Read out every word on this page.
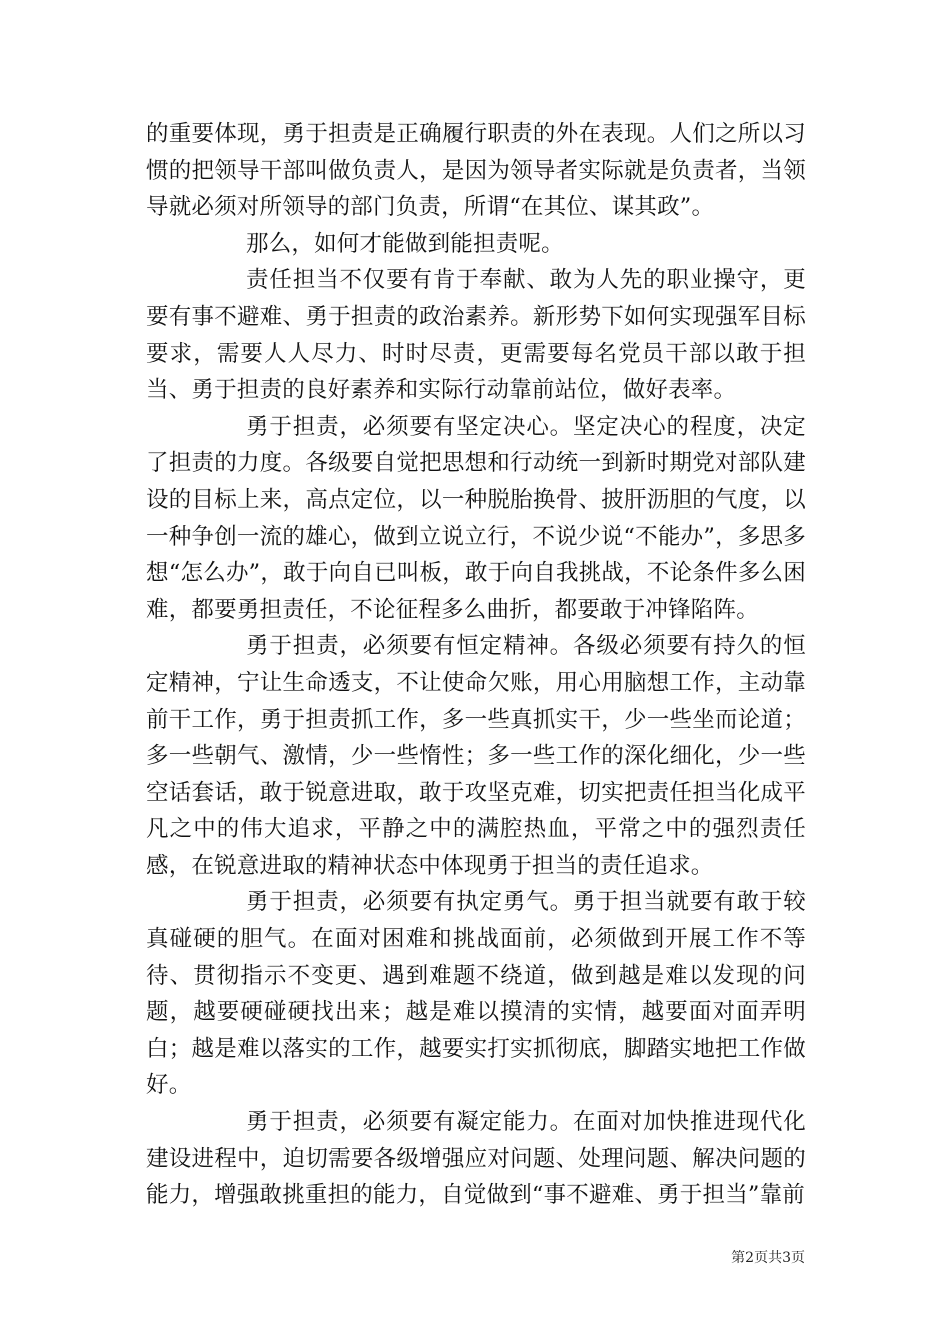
的重要体现，勇于担责是正确履行职责的外在表现。人们之所以习惯的把领导干部叫做负责人，是因为领导者实际就是负责者，当领导就必须对所领导的部门负责，所谓“在其位、谋其政”。

那么，如何才能做到能担责呢。

责任担当不仅要有肯于奉献、敢为人先的职业操守，更要有事不避难、勇于担责的政治素养。新形势下如何实现强军目标要求，需要人人尽力、时时尽责，更需要每名党员干部以敢于担当、勇于担责的良好素养和实际行动靠前站位，做好表率。

勇于担责，必须要有坚定决心。坚定决心的程度，决定了担责的力度。各级要自觉把思想和行动统一到新时期党对部队建设的目标上来，高点定位，以一种脱胎换骨、披肝沥胆的气度，以一种争创一流的雄心，做到立说立行，不说少说“不能办”，多思多想“怎么办”，敢于向自已叫板，敢于向自我挑战，不论条件多么困难，都要勇担责任，不论征程多么曲折，都要敢于冲锋陷阵。

勇于担责，必须要有恒定精神。各级必须要有持久的恒定精神，宁让生命透支，不让使命欠账，用心用脑想工作，主动靠前干工作，勇于担责抓工作，多一些真抓实干，少一些坐而论道；多一些朝气、激情，少一些惰性；多一些工作的深化细化，少一些空话套话，敢于锐意进取，敢于攻坚克难，切实把责任担当化成平凡之中的伟大追求，平静之中的满腔热血，平常之中的强烈责任感，在锐意进取的精神状态中体现勇于担当的责任追求。

勇于担责，必须要有执定勇气。勇于担当就要有敢于较真碰硬的胆气。在面对困难和挑战面前，必须做到开展工作不等待、贯彻指示不变更、遇到难题不绕道，做到越是难以发现的问题，越要硬碰硬找出来；越是难以摸清的实情，越要面对面弄明白；越是难以落实的工作，越要实打实抓彻底，脚踏实地把工作做好。

勇于担责，必须要有凝定能力。在面对加快推进现代化建设进程中，迫切需要各级增强应对问题、处理问题、解决问题的能力，增强敢挑重担的能力，自觉做到“事不避难、勇于担当”靠前

第2页共3页
